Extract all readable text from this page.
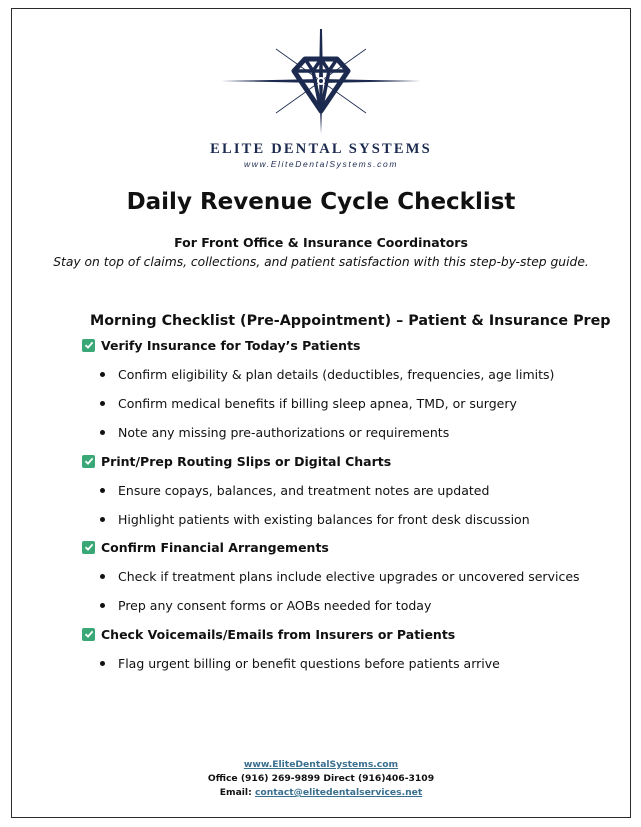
ELITE DENTAL SYSTEMS
www.EliteDentalSystems.com
Daily Revenue Cycle Checklist
For Front Office & Insurance Coordinators
Stay on top of claims, collections, and patient satisfaction with this step-by-step guide.
Morning Checklist (Pre-Appointment) – Patient & Insurance Prep
Verify Insurance for Today’s Patients
Confirm eligibility & plan details (deductibles, frequencies, age limits)
Confirm medical benefits if billing sleep apnea, TMD, or surgery
Note any missing pre-authorizations or requirements
Print/Prep Routing Slips or Digital Charts
Ensure copays, balances, and treatment notes are updated
Highlight patients with existing balances for front desk discussion
Confirm Financial Arrangements
Check if treatment plans include elective upgrades or uncovered services
Prep any consent forms or AOBs needed for today
Check Voicemails/Emails from Insurers or Patients
Flag urgent billing or benefit questions before patients arrive
www.EliteDentalSystems.com
Office (916) 269-9899 Direct (916)406-3109
Email: contact@elitedentalservices.net
